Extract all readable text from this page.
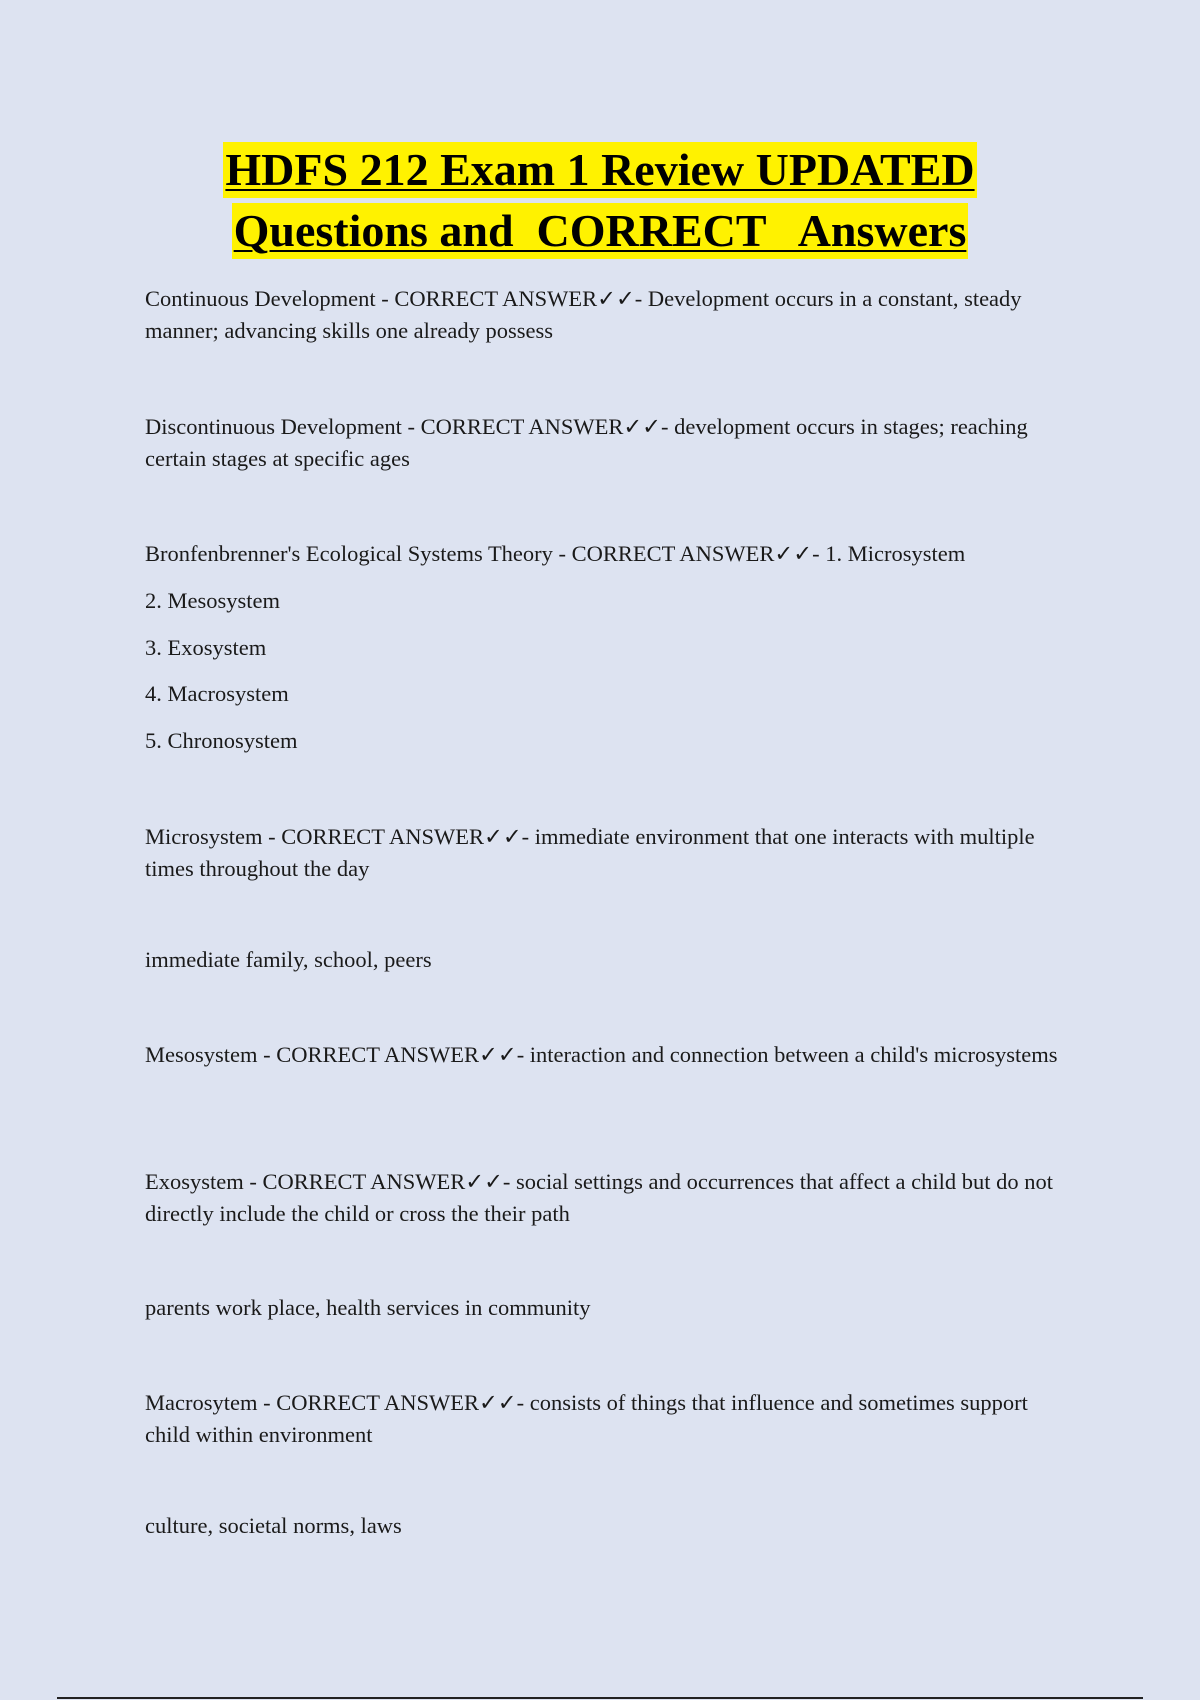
HDFS 212 Exam 1 Review UPDATED
Questions and  CORRECT   Answers

Continuous Development - CORRECT ANSWER✓✓- Development occurs in a constant, steady manner; advancing skills one already possess

Discontinuous Development - CORRECT ANSWER✓✓- development occurs in stages; reaching certain stages at specific ages

Bronfenbrenner's Ecological Systems Theory - CORRECT ANSWER✓✓- 1. Microsystem

2. Mesosystem

3. Exosystem

4. Macrosystem

5. Chronosystem

Microsystem - CORRECT ANSWER✓✓- immediate environment that one interacts with multiple times throughout the day

immediate family, school, peers

Mesosystem - CORRECT ANSWER✓✓- interaction and connection between a child's microsystems

Exosystem - CORRECT ANSWER✓✓- social settings and occurrences that affect a child but do not directly include the child or cross the their path

parents work place, health services in community

Macrosytem - CORRECT ANSWER✓✓- consists of things that influence and sometimes support child within environment

culture, societal norms, laws
